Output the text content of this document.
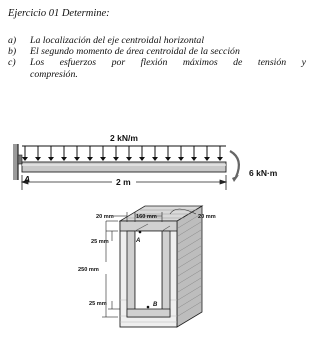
Ejercicio 01 Determine:
a)	La localización del eje centroidal horizontal
b)	El segundo momento de área centroidal de la sección
c)	Los esfuerzos por flexión máximos de tensión y
compresión.
2 kN/m
A
6 kN·m
2 m
20 mm	160 mm	20 mm
25 mm
250 mm
25 mm
A
B
